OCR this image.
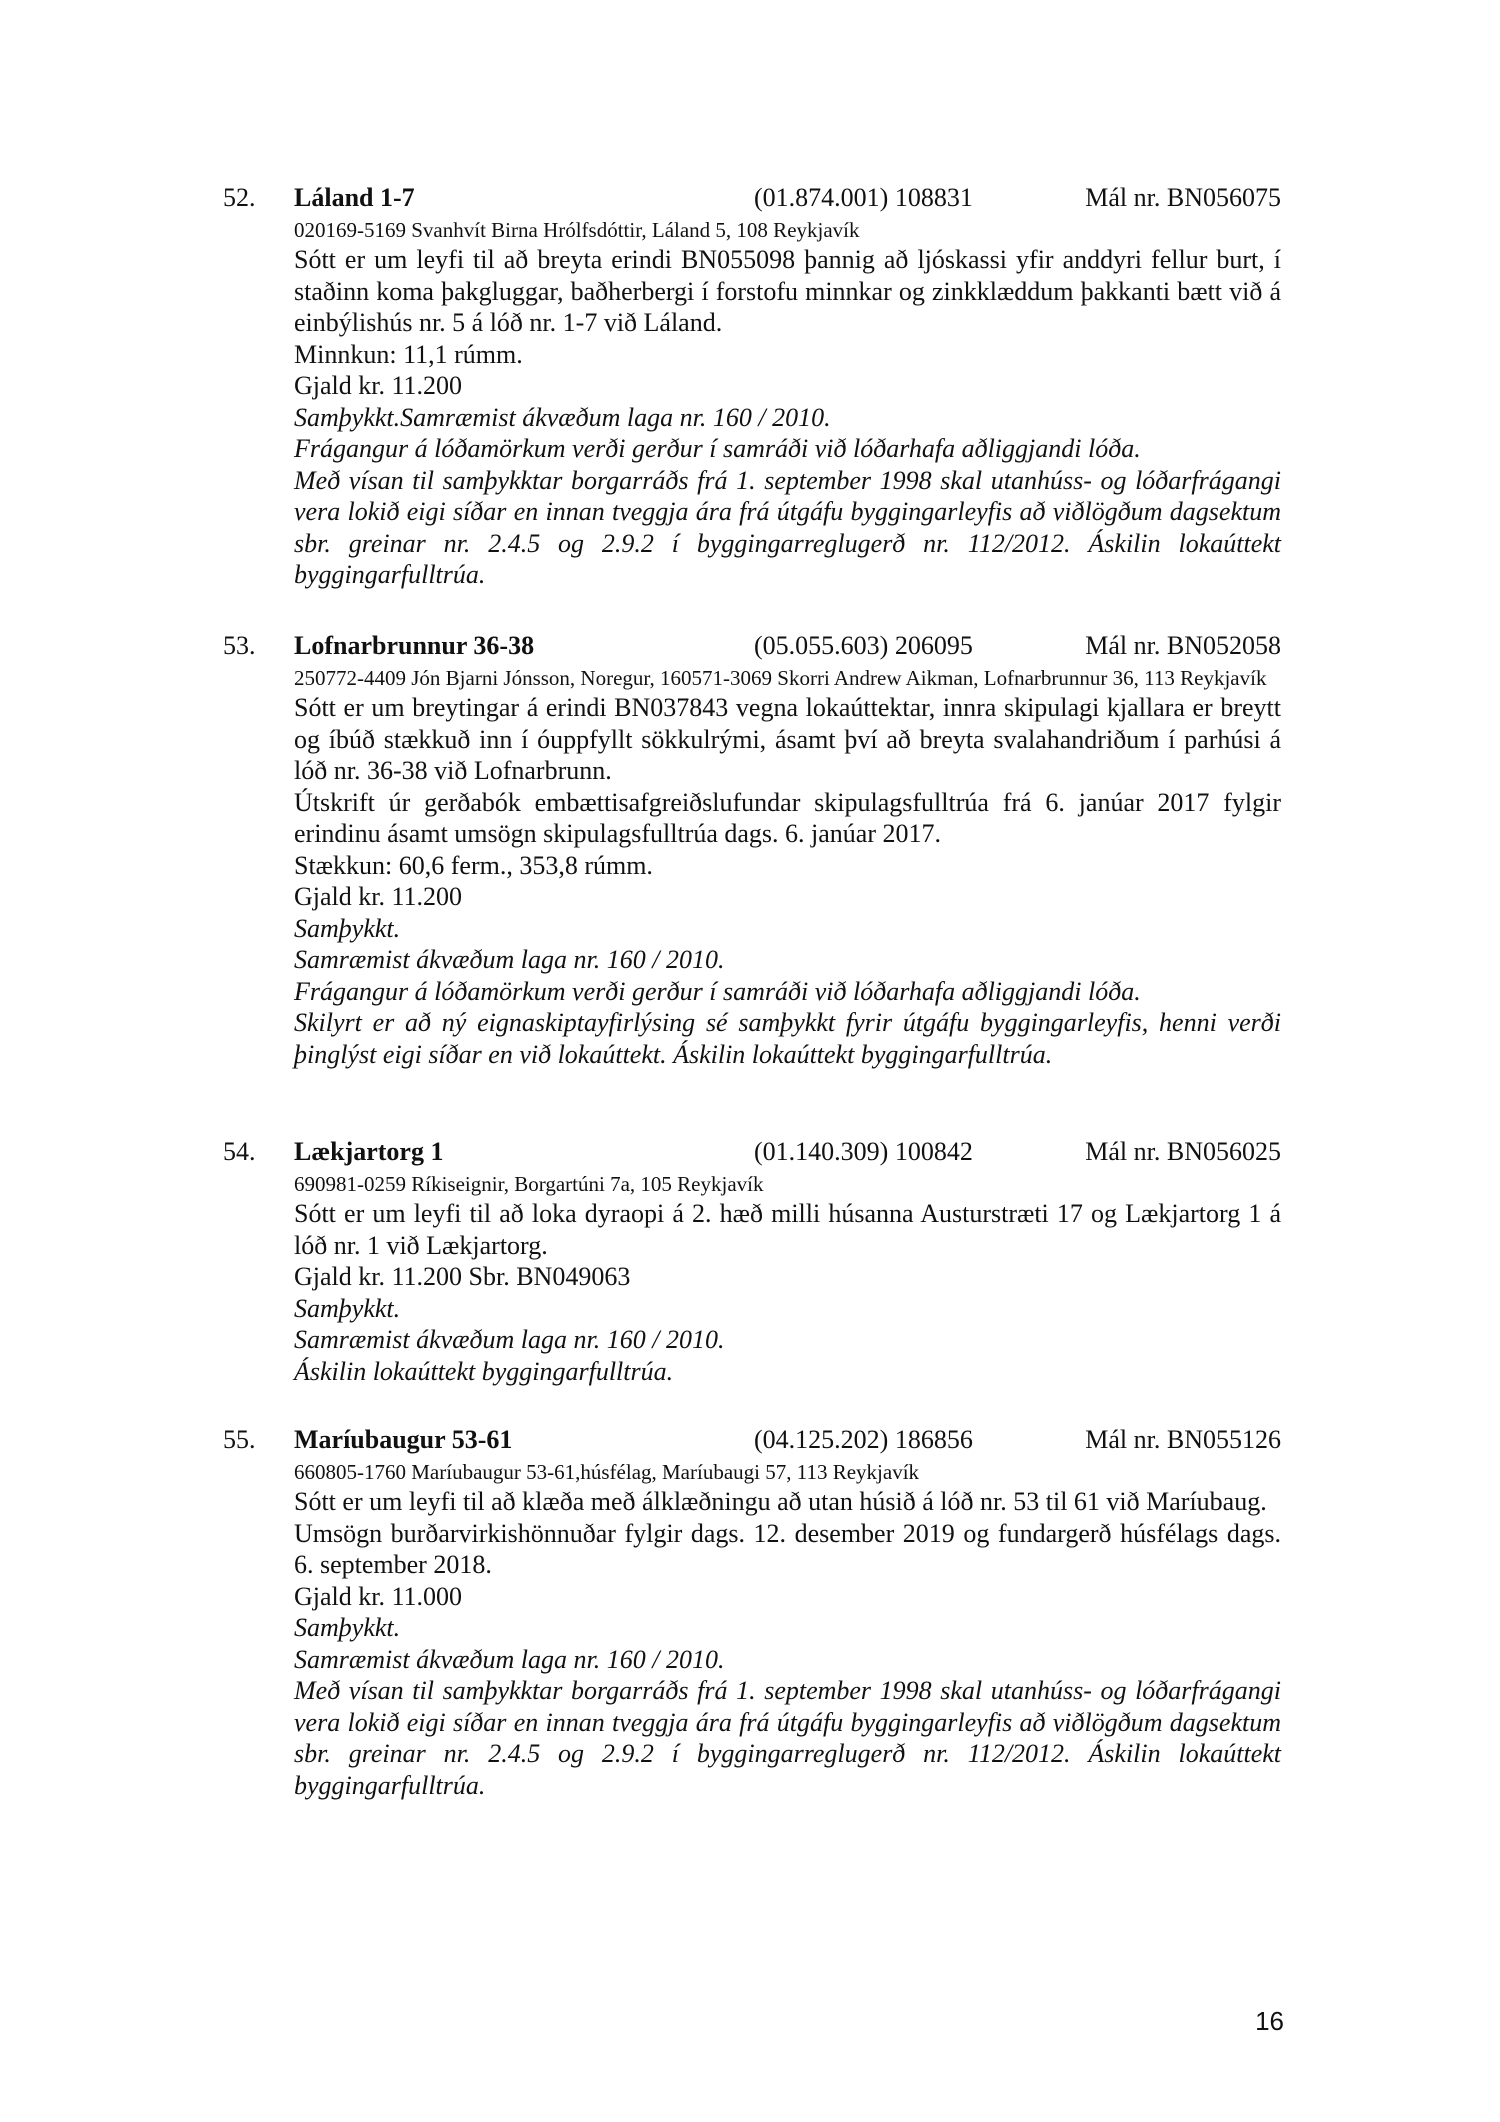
52. Láland 1-7	(01.874.001) 108831	Mál nr. BN056075
020169-5169 Svanhvít Birna Hrólfsdóttir, Láland 5, 108 Reykjavík

Sótt er um leyfi til að breyta erindi BN055098 þannig að ljóskassi yfir anddyri fellur burt, í staðinn koma þakgluggar, baðherbergi í forstofu minnkar og zinkklæddum þakkanti bætt við á einbýlishús nr. 5 á lóð nr. 1-7 við Láland.

Minnkun: 11,1 rúmm.

Gjald kr. 11.200

Samþykkt.Samræmist ákvæðum laga nr. 160 / 2010.

Frágangur á lóðamörkum verði gerður í samráði við lóðarhafa aðliggjandi lóða.

Með vísan til samþykktar borgarráðs frá 1. september 1998 skal utanhúss- og lóðarfrágangi vera lokið eigi síðar en innan tveggja ára frá útgáfu byggingarleyfis að viðlögðum dagsektum sbr. greinar nr. 2.4.5 og 2.9.2 í byggingarreglugerð nr. 112/2012. Áskilin lokaúttekt byggingarfulltrúa.

53. Lofnarbrunnur 36-38	(05.055.603) 206095	Mál nr. BN052058
250772-4409 Jón Bjarni Jónsson, Noregur, 160571-3069 Skorri Andrew Aikman, Lofnarbrunnur 36, 113 Reykjavík

Sótt er um breytingar á erindi BN037843 vegna lokaúttektar, innra skipulagi kjallara er breytt og íbúð stækkuð inn í óuppfyllt sökkulrými, ásamt því að breyta svalahandriðum í parhúsi á lóð nr. 36-38 við Lofnarbrunn.

Útskrift úr gerðabók embættisafgreiðslufundar skipulagsfulltrúa frá 6. janúar 2017 fylgir erindinu ásamt umsögn skipulagsfulltrúa dags. 6. janúar 2017.

Stækkun: 60,6 ferm., 353,8 rúmm.

Gjald kr. 11.200

Samþykkt.

Samræmist ákvæðum laga nr. 160 / 2010.

Frágangur á lóðamörkum verði gerður í samráði við lóðarhafa aðliggjandi lóða.

Skilyrt er að ný eignaskiptayfirlýsing sé samþykkt fyrir útgáfu byggingarleyfis, henni verði þinglýst eigi síðar en við lokaúttekt. Áskilin lokaúttekt byggingarfulltrúa.

54. Lækjartorg 1	(01.140.309) 100842	Mál nr. BN056025
690981-0259 Ríkiseignir, Borgartúni 7a, 105 Reykjavík

Sótt er um leyfi til að loka dyraopi á 2. hæð milli húsanna Austurstræti 17 og Lækjartorg 1 á lóð nr. 1 við Lækjartorg.

Gjald kr. 11.200 Sbr. BN049063

Samþykkt.

Samræmist ákvæðum laga nr. 160 / 2010.

Áskilin lokaúttekt byggingarfulltrúa.

55. Maríubaugur 53-61	(04.125.202) 186856	Mál nr. BN055126
660805-1760 Maríubaugur 53-61,húsfélag, Maríubaugi 57, 113 Reykjavík

Sótt er um leyfi til að klæða með álklæðningu að utan húsið á lóð nr. 53 til 61 við Maríubaug.

Umsögn burðarvirkishönnuðar fylgir dags. 12. desember 2019 og fundargerð húsfélags dags. 6. september 2018.

Gjald kr. 11.000

Samþykkt.

Samræmist ákvæðum laga nr. 160 / 2010.

Með vísan til samþykktar borgarráðs frá 1. september 1998 skal utanhúss- og lóðarfrágangi vera lokið eigi síðar en innan tveggja ára frá útgáfu byggingarleyfis að viðlögðum dagsektum sbr. greinar nr. 2.4.5 og 2.9.2 í byggingarreglugerð nr. 112/2012. Áskilin lokaúttekt byggingarfulltrúa.

16
